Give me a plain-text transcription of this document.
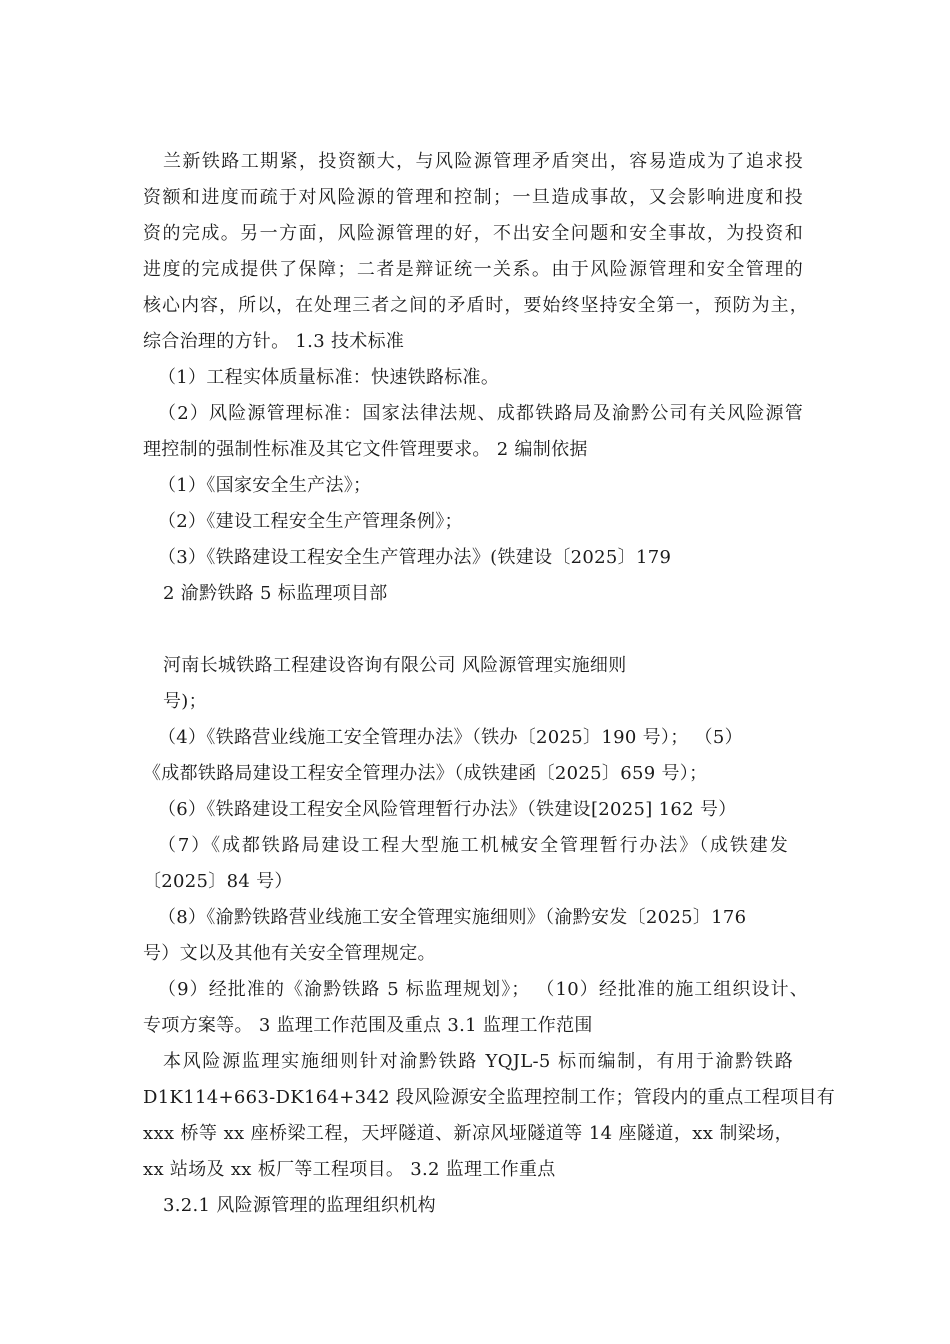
兰新铁路工期紧，投资额大，与风险源管理矛盾突出，容易造成为了追求投
资额和进度而疏于对风险源的管理和控制；一旦造成事故，又会影响进度和投
资的完成。另一方面，风险源管理的好，不出安全问题和安全事故，为投资和
进度的完成提供了保障；二者是辩证统一关系。由于风险源管理和安全管理的
核心内容，所以，在处理三者之间的矛盾时，要始终坚持安全第一，预防为主，
综合治理的方针。 1.3 技术标准
（1）工程实体质量标准：快速铁路标准。
（2）风险源管理标准：国家法律法规、成都铁路局及渝黔公司有关风险源管
理控制的强制性标准及其它文件管理要求。 2 编制依据
（1）《国家安全生产法》；
（2）《建设工程安全生产管理条例》；
（3）《铁路建设工程安全生产管理办法》(铁建设〔2025〕179
2 渝黔铁路 5 标监理项目部
河南长城铁路工程建设咨询有限公司 风险源管理实施细则
号)；
（4）《铁路营业线施工安全管理办法》（铁办〔2025〕190 号）； （5）
《成都铁路局建设工程安全管理办法》（成铁建函〔2025〕659 号）；
（6）《铁路建设工程安全风险管理暂行办法》（铁建设[2025] 162 号）
（7）《成都铁路局建设工程大型施工机械安全管理暂行办法》（成铁建发
〔2025〕84 号）
（8）《渝黔铁路营业线施工安全管理实施细则》（渝黔安发〔2025〕176
号）文以及其他有关安全管理规定。
（9）经批准的《渝黔铁路 5 标监理规划》； （10）经批准的施工组织设计、
专项方案等。 3 监理工作范围及重点 3.1 监理工作范围
本风险源监理实施细则针对渝黔铁路 YQJL-5 标而编制，有用于渝黔铁路
D1K114+663-DK164+342 段风险源安全监理控制工作；管段内的重点工程项目有
xxx 桥等 xx 座桥梁工程，天坪隧道、新凉风垭隧道等 14 座隧道，xx 制梁场，
xx 站场及 xx 板厂等工程项目。 3.2 监理工作重点
3.2.1 风险源管理的监理组织机构
